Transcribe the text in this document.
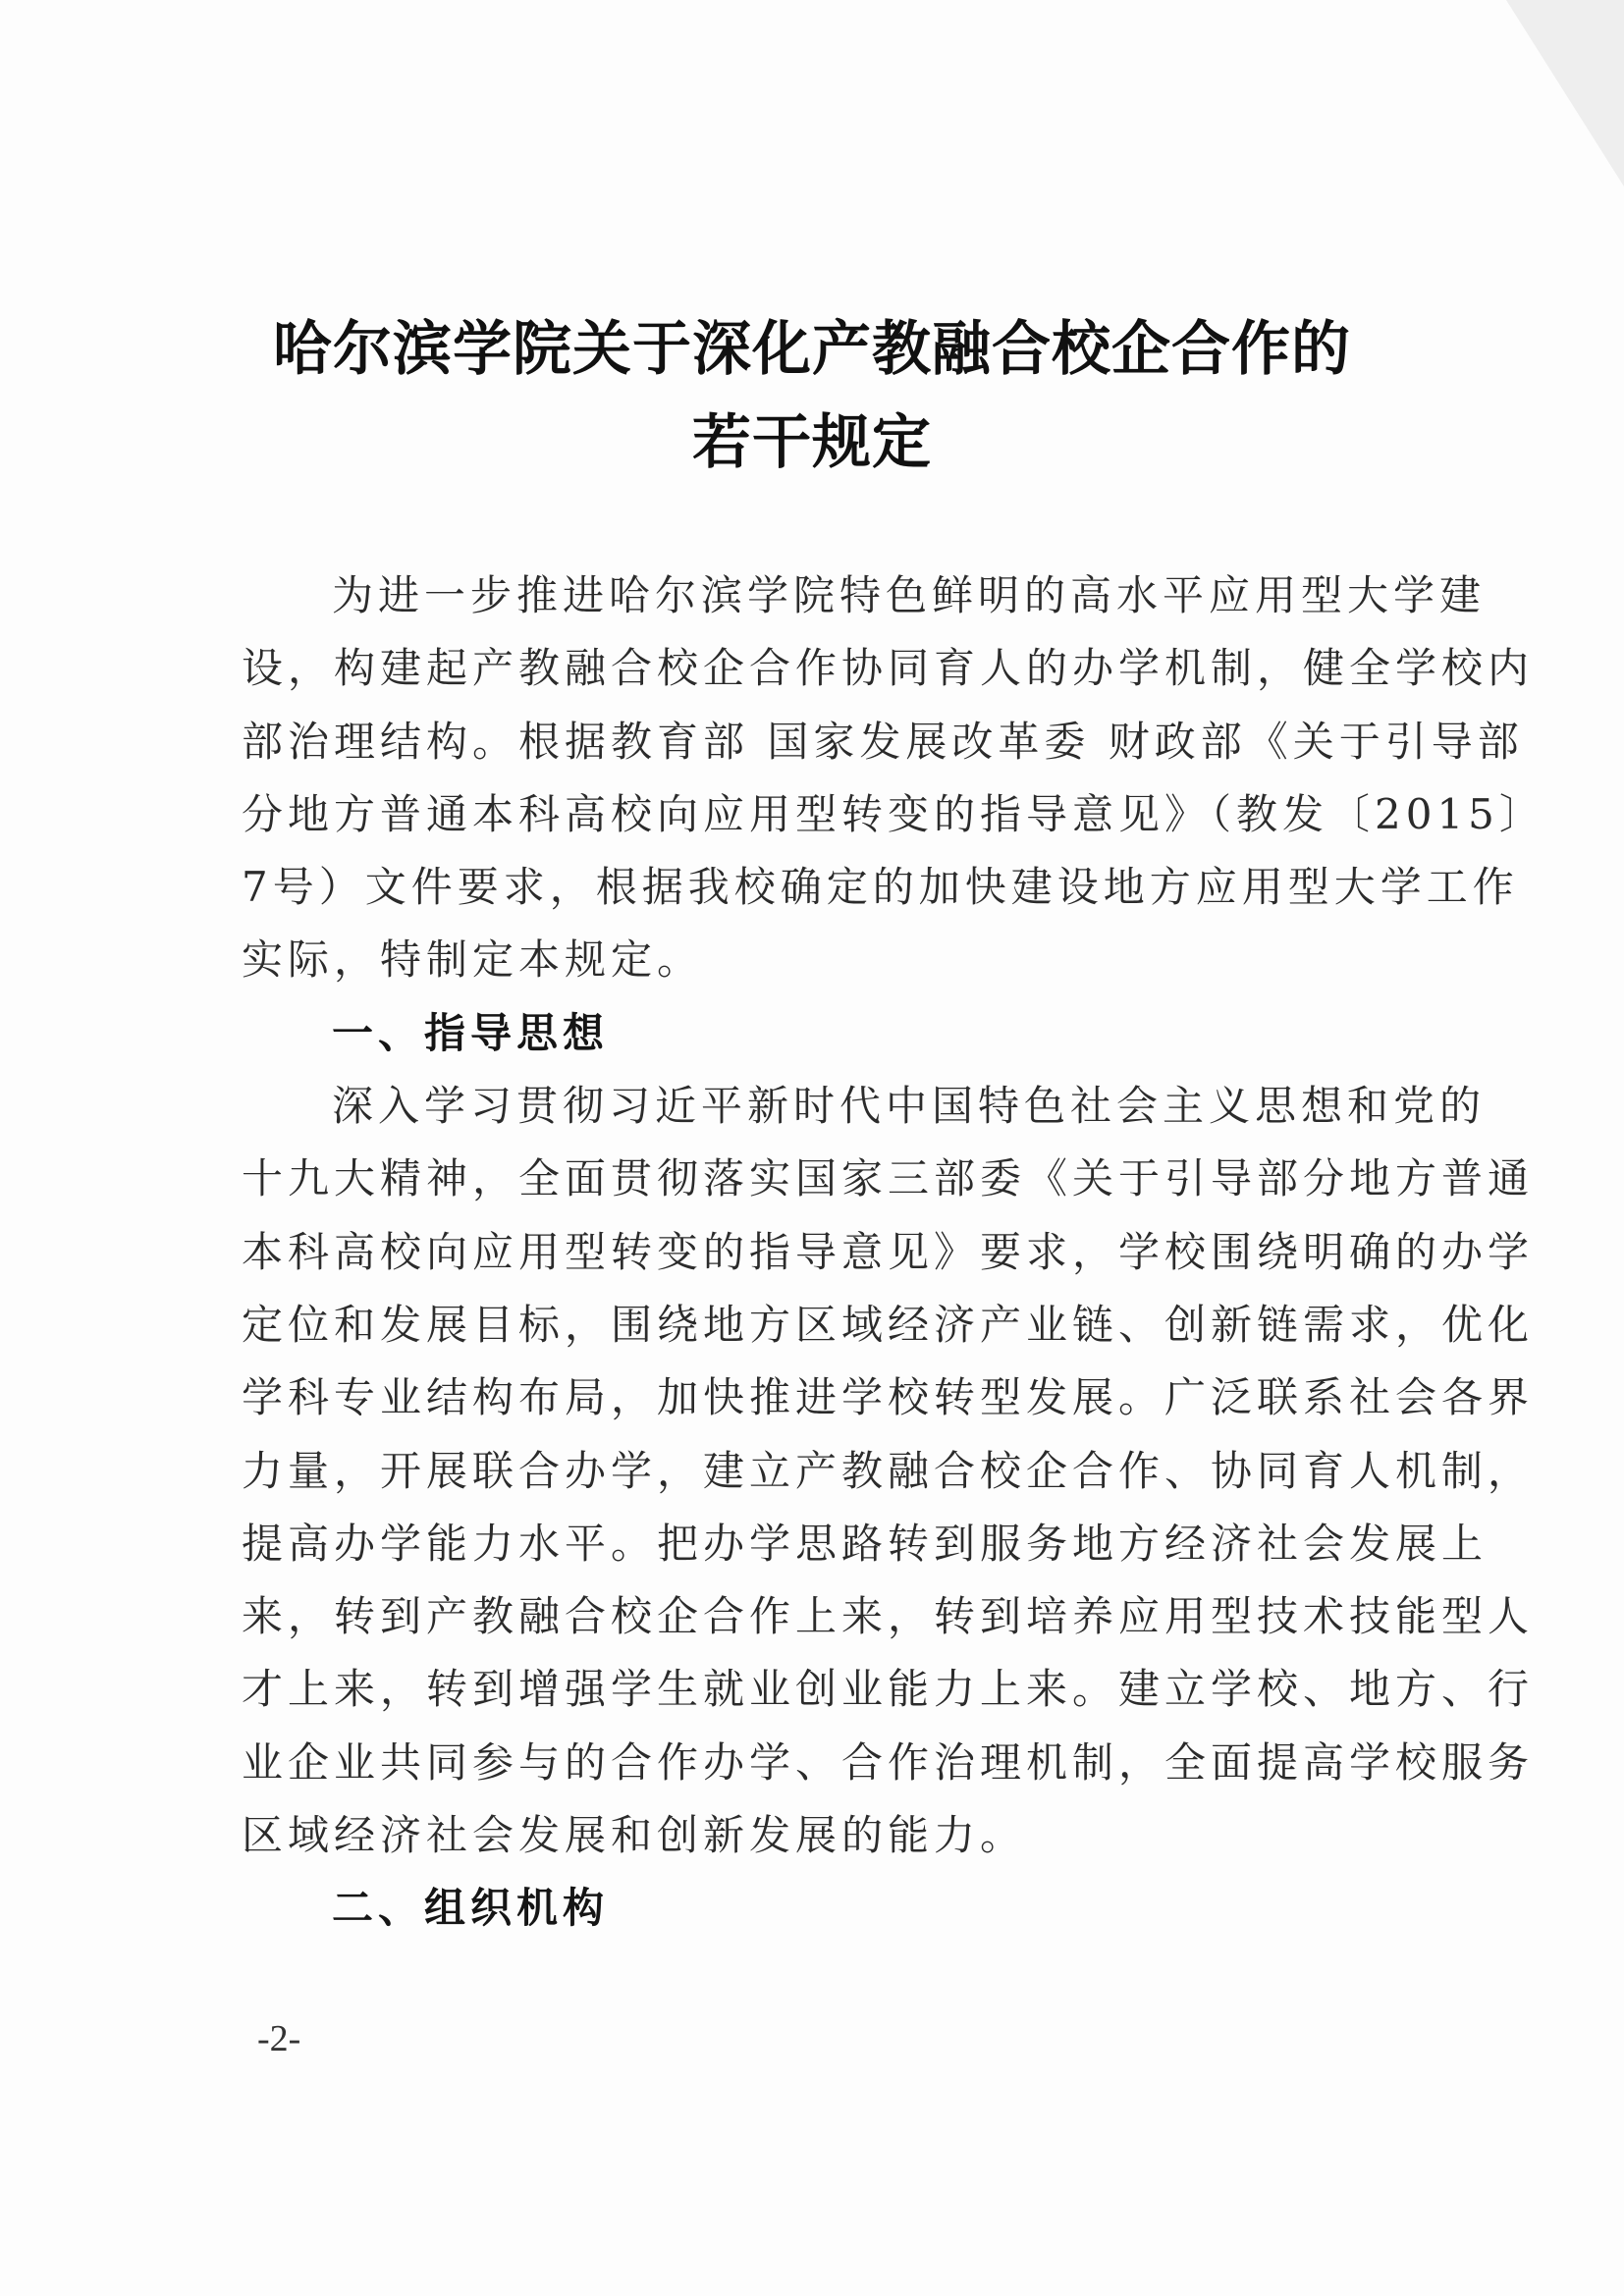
哈尔滨学院关于深化产教融合校企合作的
若干规定
为进一步推进哈尔滨学院特色鲜明的高水平应用型大学建
设，构建起产教融合校企合作协同育人的办学机制，健全学校内
部治理结构。根据教育部 国家发展改革委 财政部《关于引导部
分地方普通本科高校向应用型转变的指导意见》（教发〔2015〕
7号）文件要求，根据我校确定的加快建设地方应用型大学工作
实际，特制定本规定。
一、指导思想
深入学习贯彻习近平新时代中国特色社会主义思想和党的
十九大精神，全面贯彻落实国家三部委《关于引导部分地方普通
本科高校向应用型转变的指导意见》要求，学校围绕明确的办学
定位和发展目标，围绕地方区域经济产业链、创新链需求，优化
学科专业结构布局，加快推进学校转型发展。广泛联系社会各界
力量，开展联合办学，建立产教融合校企合作、协同育人机制，
提高办学能力水平。把办学思路转到服务地方经济社会发展上
来，转到产教融合校企合作上来，转到培养应用型技术技能型人
才上来，转到增强学生就业创业能力上来。建立学校、地方、行
业企业共同参与的合作办学、合作治理机制，全面提高学校服务
区域经济社会发展和创新发展的能力。
二、组织机构
-2-
